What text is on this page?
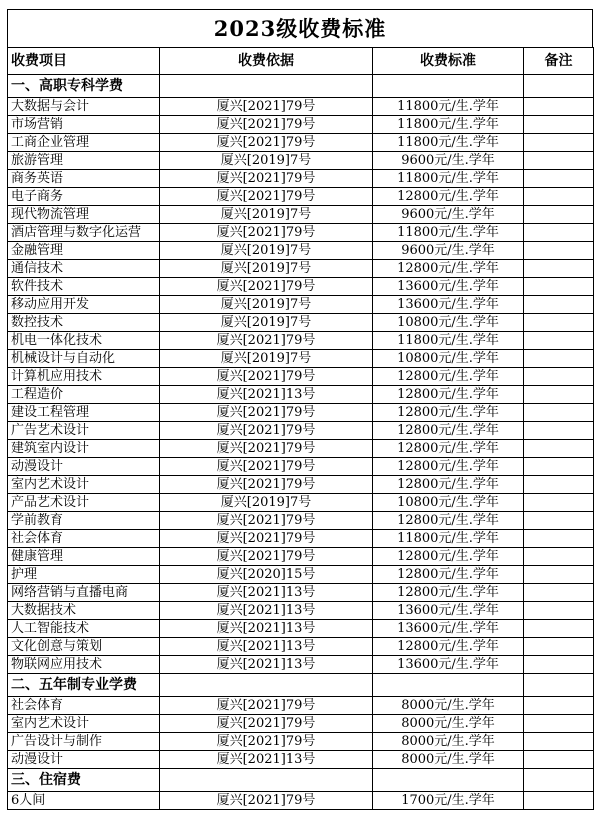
2023级收费标准
收费项目	收费依据	收费标准	备注
一、高职专科学费			
大数据与会计	厦兴[2021]79号	11800元/生.学年	
市场营销	厦兴[2021]79号	11800元/生.学年	
工商企业管理	厦兴[2021]79号	11800元/生.学年	
旅游管理	厦兴[2019]7号	9600元/生.学年	
商务英语	厦兴[2021]79号	11800元/生.学年	
电子商务	厦兴[2021]79号	12800元/生.学年	
现代物流管理	厦兴[2019]7号	9600元/生.学年	
酒店管理与数字化运营	厦兴[2021]79号	11800元/生.学年	
金融管理	厦兴[2019]7号	9600元/生.学年	
通信技术	厦兴[2019]7号	12800元/生.学年	
软件技术	厦兴[2021]79号	13600元/生.学年	
移动应用开发	厦兴[2019]7号	13600元/生.学年	
数控技术	厦兴[2019]7号	10800元/生.学年	
机电一体化技术	厦兴[2021]79号	11800元/生.学年	
机械设计与自动化	厦兴[2019]7号	10800元/生.学年	
计算机应用技术	厦兴[2021]79号	12800元/生.学年	
工程造价	厦兴[2021]13号	12800元/生.学年	
建设工程管理	厦兴[2021]79号	12800元/生.学年	
广告艺术设计	厦兴[2021]79号	12800元/生.学年	
建筑室内设计	厦兴[2021]79号	12800元/生.学年	
动漫设计	厦兴[2021]79号	12800元/生.学年	
室内艺术设计	厦兴[2021]79号	12800元/生.学年	
产品艺术设计	厦兴[2019]7号	10800元/生.学年	
学前教育	厦兴[2021]79号	12800元/生.学年	
社会体育	厦兴[2021]79号	11800元/生.学年	
健康管理	厦兴[2021]79号	12800元/生.学年	
护理	厦兴[2020]15号	12800元/生.学年	
网络营销与直播电商	厦兴[2021]13号	12800元/生.学年	
大数据技术	厦兴[2021]13号	13600元/生.学年	
人工智能技术	厦兴[2021]13号	13600元/生.学年	
文化创意与策划	厦兴[2021]13号	12800元/生.学年	
物联网应用技术	厦兴[2021]13号	13600元/生.学年	
二、五年制专业学费			
社会体育	厦兴[2021]79号	8000元/生.学年	
室内艺术设计	厦兴[2021]79号	8000元/生.学年	
广告设计与制作	厦兴[2021]79号	8000元/生.学年	
动漫设计	厦兴[2021]13号	8000元/生.学年	
三、住宿费			
6人间	厦兴[2021]79号	1700元/生.学年	
